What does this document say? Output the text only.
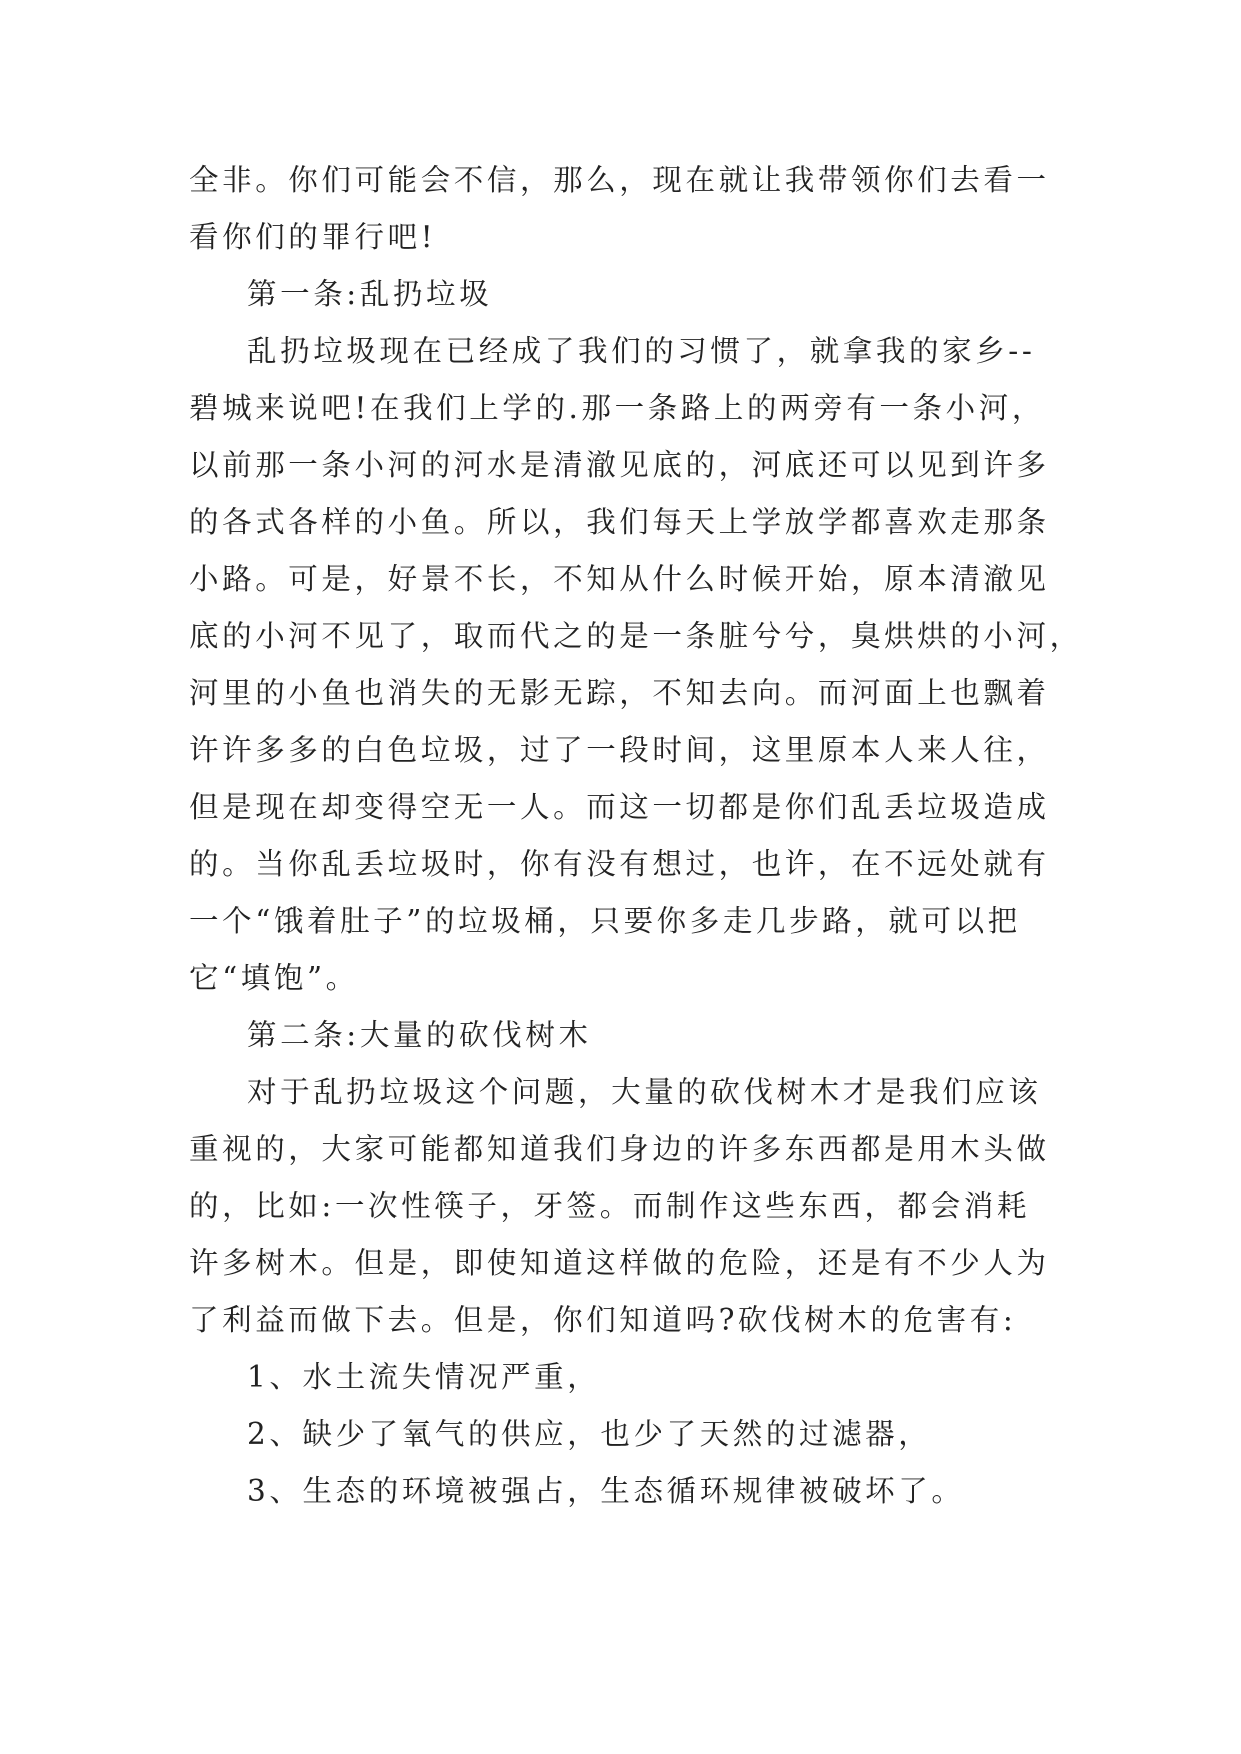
全非。你们可能会不信，那么，现在就让我带领你们去看一
看你们的罪行吧!
第一条:乱扔垃圾
乱扔垃圾现在已经成了我们的习惯了，就拿我的家乡--
碧城来说吧!在我们上学的.那一条路上的两旁有一条小河，
以前那一条小河的河水是清澈见底的，河底还可以见到许多
的各式各样的小鱼。所以，我们每天上学放学都喜欢走那条
小路。可是，好景不长，不知从什么时候开始，原本清澈见
底的小河不见了，取而代之的是一条脏兮兮，臭烘烘的小河，
河里的小鱼也消失的无影无踪，不知去向。而河面上也飘着
许许多多的白色垃圾，过了一段时间，这里原本人来人往，
但是现在却变得空无一人。而这一切都是你们乱丢垃圾造成
的。当你乱丢垃圾时，你有没有想过，也许，在不远处就有
一个“饿着肚子”的垃圾桶，只要你多走几步路，就可以把
它“填饱”。
第二条:大量的砍伐树木
对于乱扔垃圾这个问题，大量的砍伐树木才是我们应该
重视的，大家可能都知道我们身边的许多东西都是用木头做
的，比如:一次性筷子，牙签。而制作这些东西，都会消耗
许多树木。但是，即使知道这样做的危险，还是有不少人为
了利益而做下去。但是，你们知道吗?砍伐树木的危害有:
1、水土流失情况严重，
2、缺少了氧气的供应，也少了天然的过滤器，
3、生态的环境被强占，生态循环规律被破坏了。
